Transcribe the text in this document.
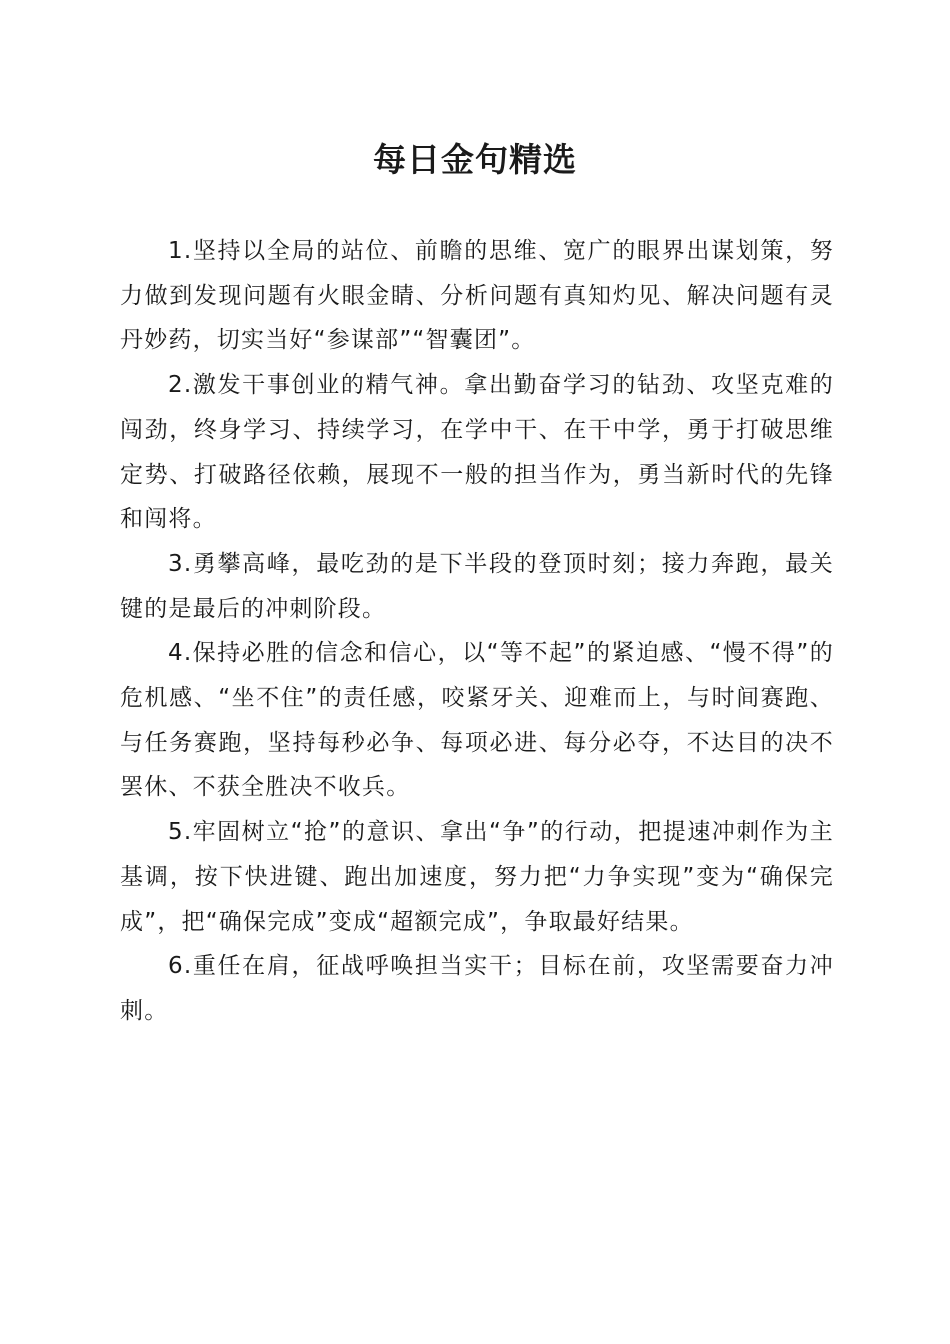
每日金句精选

1.坚持以全局的站位、前瞻的思维、宽广的眼界出谋划策，努力做到发现问题有火眼金睛、分析问题有真知灼见、解决问题有灵丹妙药，切实当好“参谋部”“智囊团”。

2.激发干事创业的精气神。拿出勤奋学习的钻劲、攻坚克难的闯劲，终身学习、持续学习，在学中干、在干中学，勇于打破思维定势、打破路径依赖，展现不一般的担当作为，勇当新时代的先锋和闯将。

3.勇攀高峰，最吃劲的是下半段的登顶时刻；接力奔跑，最关键的是最后的冲刺阶段。

4.保持必胜的信念和信心，以“等不起”的紧迫感、“慢不得”的危机感、“坐不住”的责任感，咬紧牙关、迎难而上，与时间赛跑、与任务赛跑，坚持每秒必争、每项必进、每分必夺，不达目的决不罢休、不获全胜决不收兵。

5.牢固树立“抢”的意识、拿出“争”的行动，把提速冲刺作为主基调，按下快进键、跑出加速度，努力把“力争实现”变为“确保完成”，把“确保完成”变成“超额完成”，争取最好结果。

6.重任在肩，征战呼唤担当实干；目标在前，攻坚需要奋力冲刺。
